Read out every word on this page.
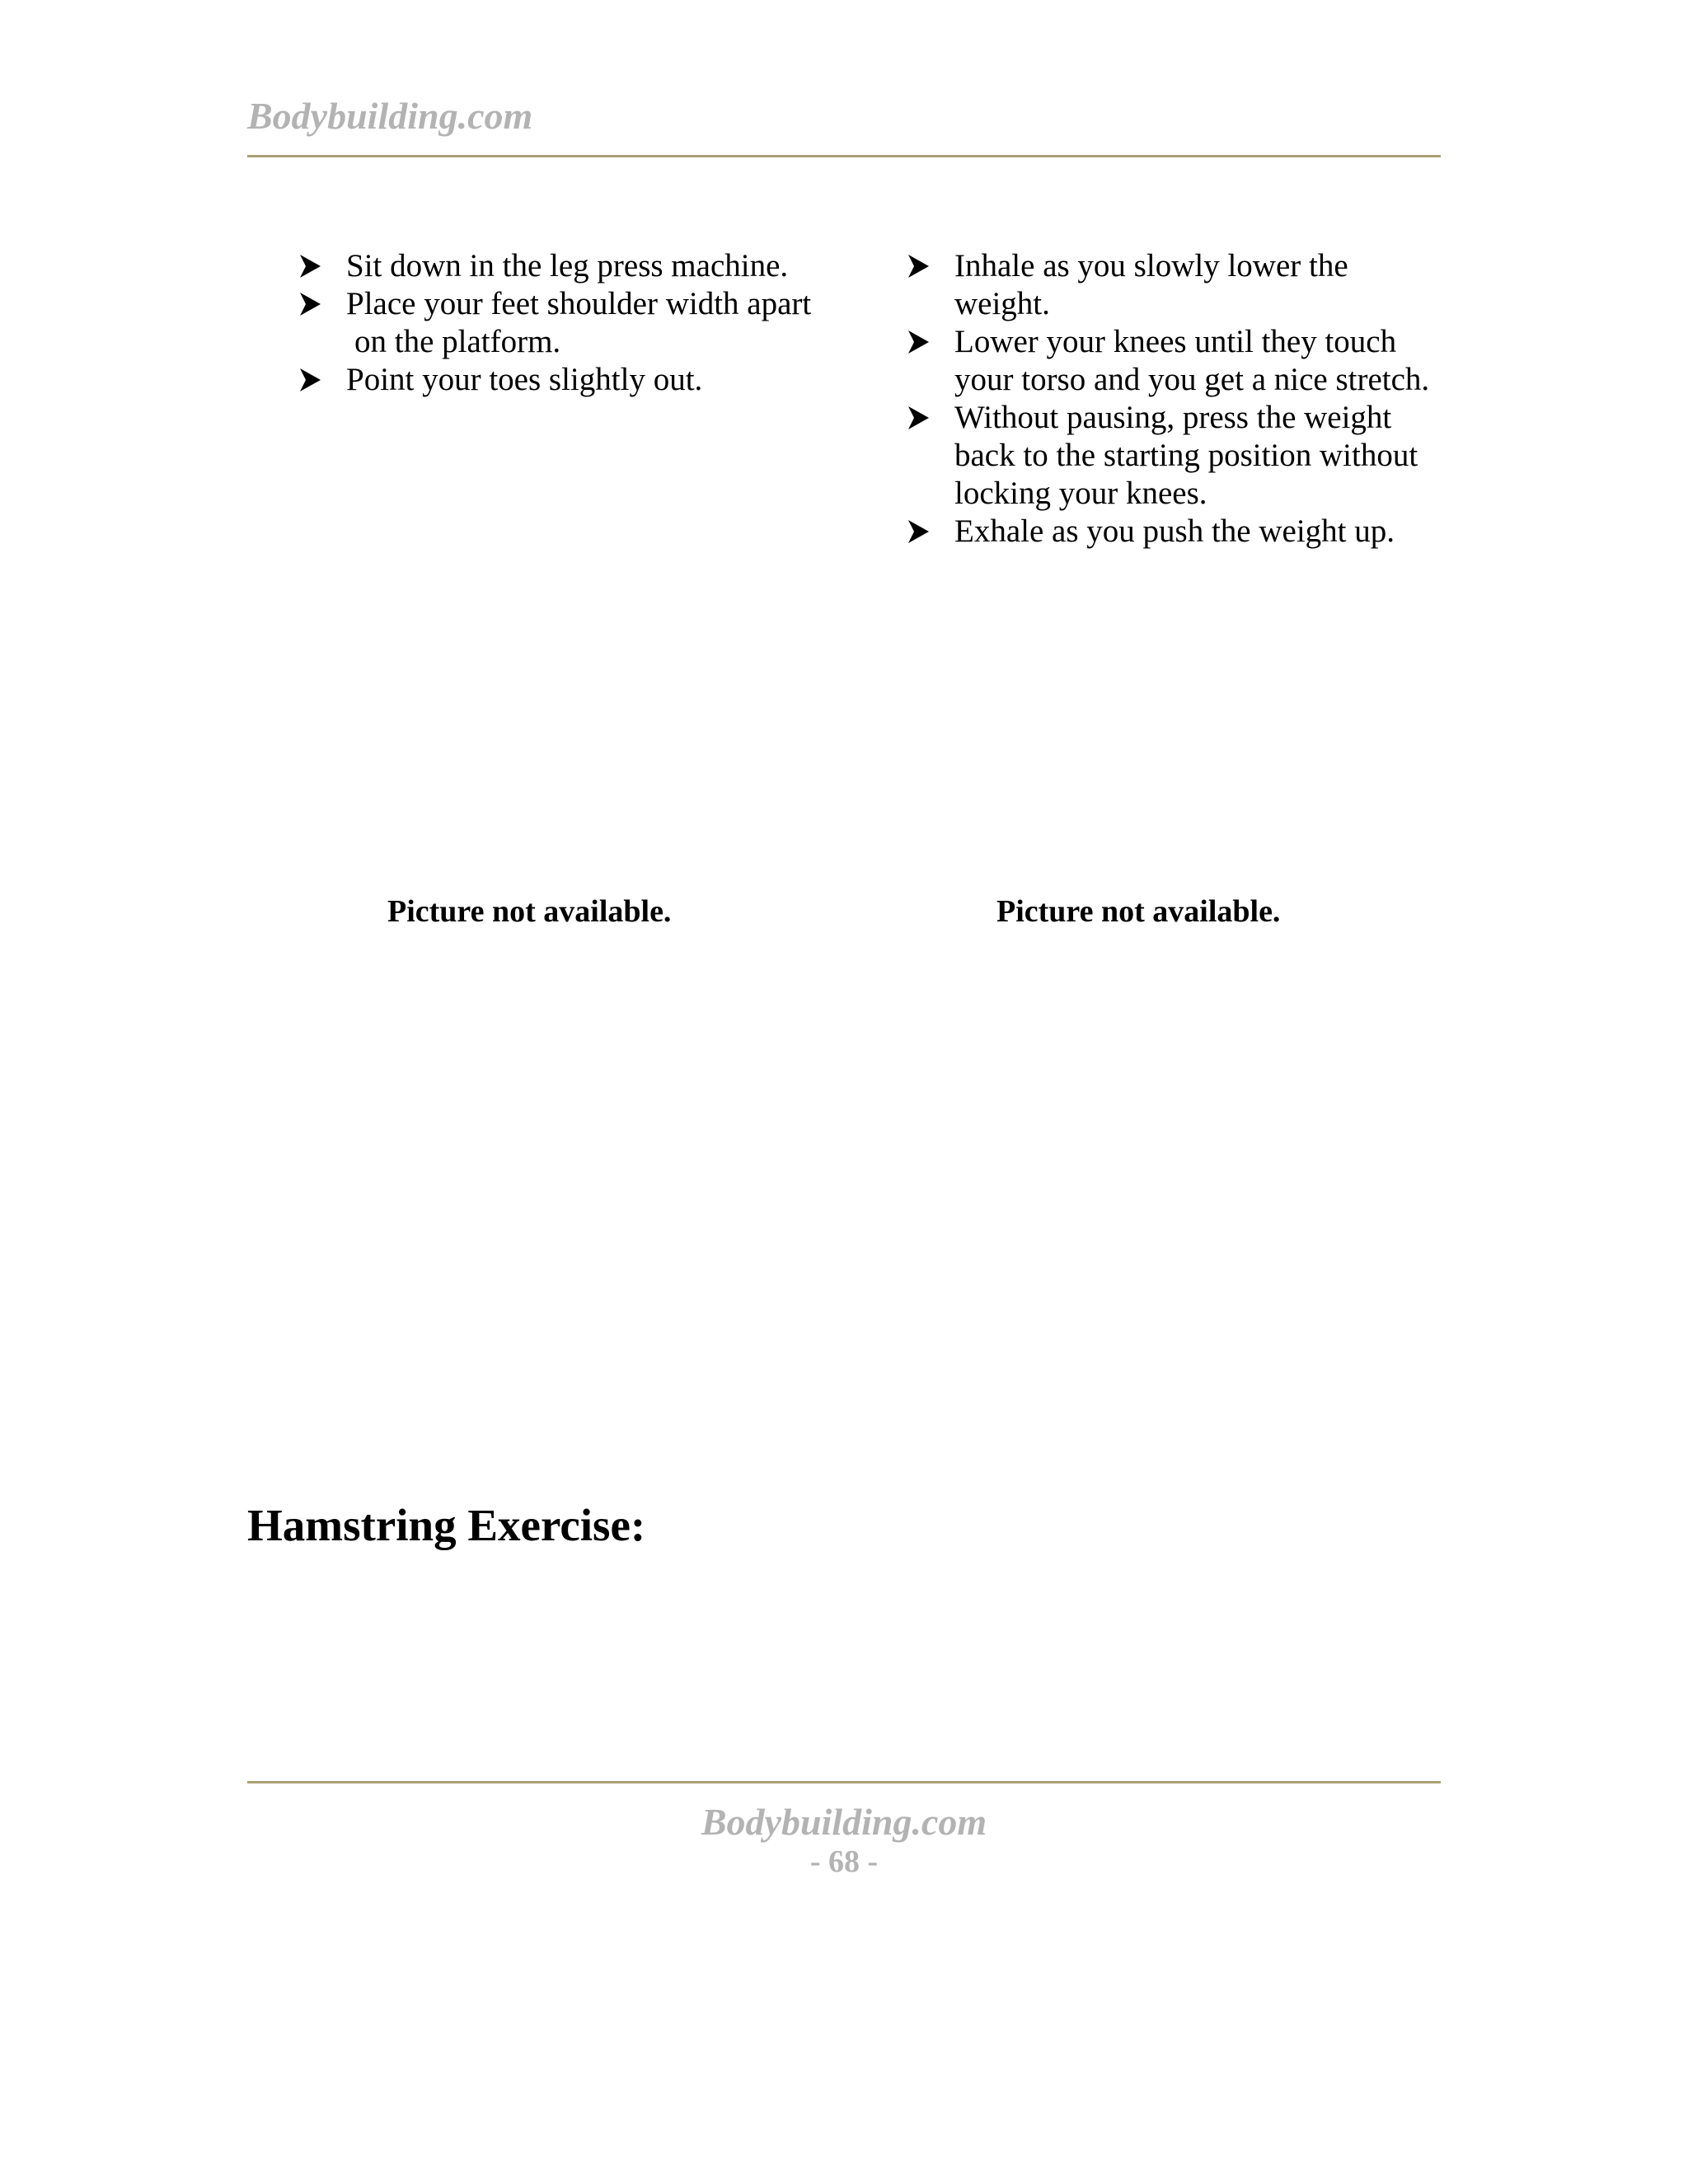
Bodybuilding.com
Sit down in the leg press machine.
Place your feet shoulder width apart
on the platform.
Point your toes slightly out.
Inhale as you slowly lower the weight.
Lower your knees until they touch your torso and you get a nice stretch.
Without pausing, press the weight back to the starting position without locking your knees.
Exhale as you push the weight up.
Picture not available.	Picture not available.
Hamstring Exercise:
Bodybuilding.com
- 68 -
